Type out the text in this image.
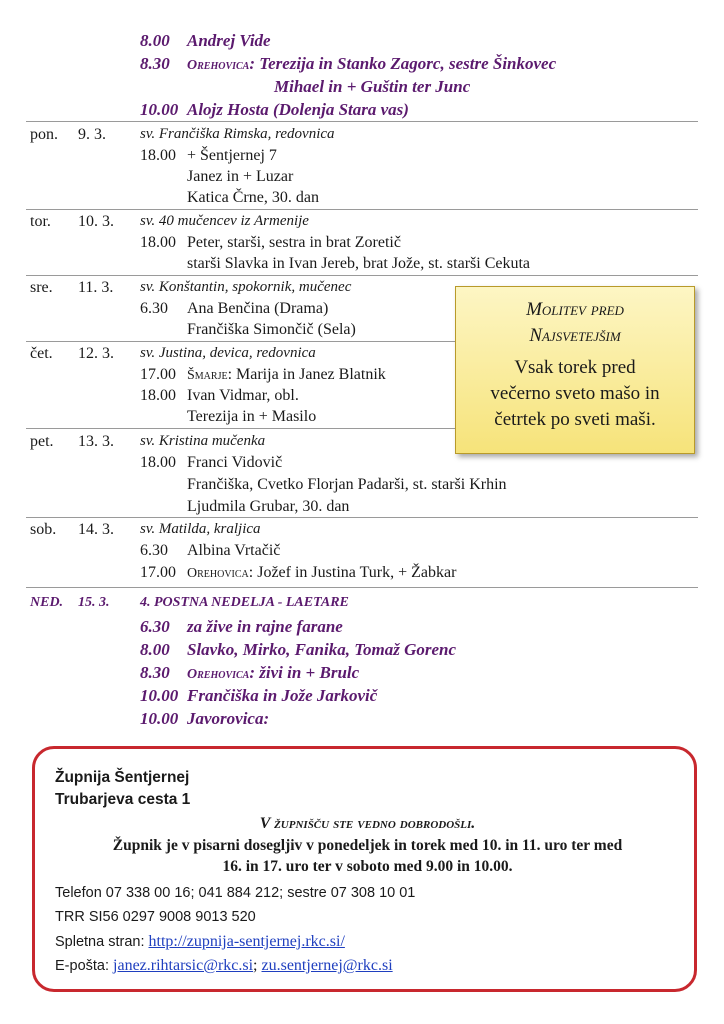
8.00 Andrej Vide
8.30 Orehovica: Terezija in Stanko Zagorc, sestre Šinkovec
Mihael in + Guštin ter Junc
10.00 Alojz Hosta (Dolenja Stara vas)
pon. 9. 3. sv. Frančiška Rimska, redovnica
18.00 + Šentjernej 7
Janez in + Luzar
Katica Črne, 30. dan
tor. 10. 3. sv. 40 mučencev iz Armenije
18.00 Peter, starši, sestra in brat Zoretič
starši Slavka in Ivan Jereb, brat Jože, st. starši Cekuta
sre. 11. 3. sv. Konštantin, spokornik, mučenec
6.30 Ana Benčina (Drama)
Frančiška Simončič (Sela)
čet. 12. 3. sv. Justina, devica, redovnica
17.00 Šmarje: Marija in Janez Blatnik
18.00 Ivan Vidmar, obl.
Terezija in + Masilo
pet. 13. 3. sv. Kristina mučenka
18.00 Franci Vidovič
Frančiška, Cvetko Florjan Padarši, st. starši Krhin
Ljudmila Grubar, 30. dan
sob. 14. 3. sv. Matilda, kraljica
6.30 Albina Vrtačič
17.00 Orehovica: Jožef in Justina Turk, + Žabkar
NED. 15. 3. 4. POSTNA NEDELJA - LAETARE
6.30 za žive in rajne farane
8.00 Slavko, Mirko, Fanika, Tomaž Gorenc
8.30 Orehovica: živi in + Brulc
10.00 Frančiška in Jože Jarkovič
10.00 Javorovica:
Molitev pred
Najsvetejšim
Vsak torek pred
večerno sveto mašo in
četrtek po sveti maši.
Župnija Šentjernej
Trubarjeva cesta 1
V župnišču ste vedno dobrodošli.
Župnik je v pisarni dosegljiv v ponedeljek in torek med 10. in 11. uro ter med
16. in 17. uro ter v soboto med 9.00 in 10.00.
Telefon 07 338 00 16; 041 884 212; sestre 07 308 10 01
TRR SI56 0297 9008 9013 520
Spletna stran: http://zupnija-sentjernej.rkc.si/
E-pošta: janez.rihtarsic@rkc.si; zu.sentjernej@rkc.si
